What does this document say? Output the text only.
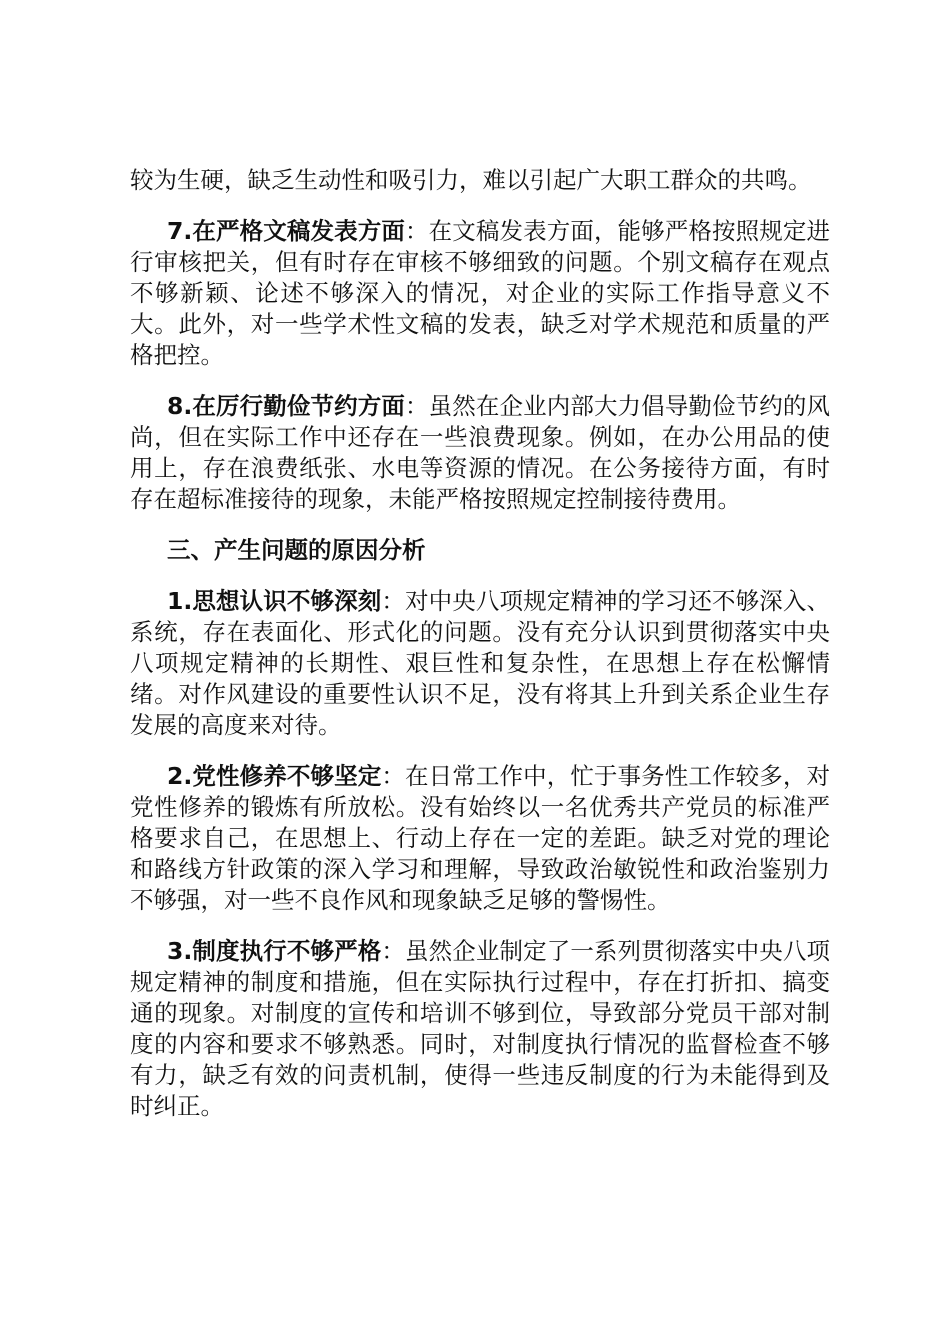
较为生硬，缺乏生动性和吸引力，难以引起广大职工群众的共鸣。

7.在严格文稿发表方面：在文稿发表方面，能够严格按照规定进行审核把关，但有时存在审核不够细致的问题。个别文稿存在观点不够新颖、论述不够深入的情况，对企业的实际工作指导意义不大。此外，对一些学术性文稿的发表，缺乏对学术规范和质量的严格把控。

8.在厉行勤俭节约方面：虽然在企业内部大力倡导勤俭节约的风尚，但在实际工作中还存在一些浪费现象。例如，在办公用品的使用上，存在浪费纸张、水电等资源的情况。在公务接待方面，有时存在超标准接待的现象，未能严格按照规定控制接待费用。

三、产生问题的原因分析

1.思想认识不够深刻：对中央八项规定精神的学习还不够深入、系统，存在表面化、形式化的问题。没有充分认识到贯彻落实中央八项规定精神的长期性、艰巨性和复杂性，在思想上存在松懈情绪。对作风建设的重要性认识不足，没有将其上升到关系企业生存发展的高度来对待。

2.党性修养不够坚定：在日常工作中，忙于事务性工作较多，对党性修养的锻炼有所放松。没有始终以一名优秀共产党员的标准严格要求自己，在思想上、行动上存在一定的差距。缺乏对党的理论和路线方针政策的深入学习和理解，导致政治敏锐性和政治鉴别力不够强，对一些不良作风和现象缺乏足够的警惕性。

3.制度执行不够严格：虽然企业制定了一系列贯彻落实中央八项规定精神的制度和措施，但在实际执行过程中，存在打折扣、搞变通的现象。对制度的宣传和培训不够到位，导致部分党员干部对制度的内容和要求不够熟悉。同时，对制度执行情况的监督检查不够有力，缺乏有效的问责机制，使得一些违反制度的行为未能得到及时纠正。
